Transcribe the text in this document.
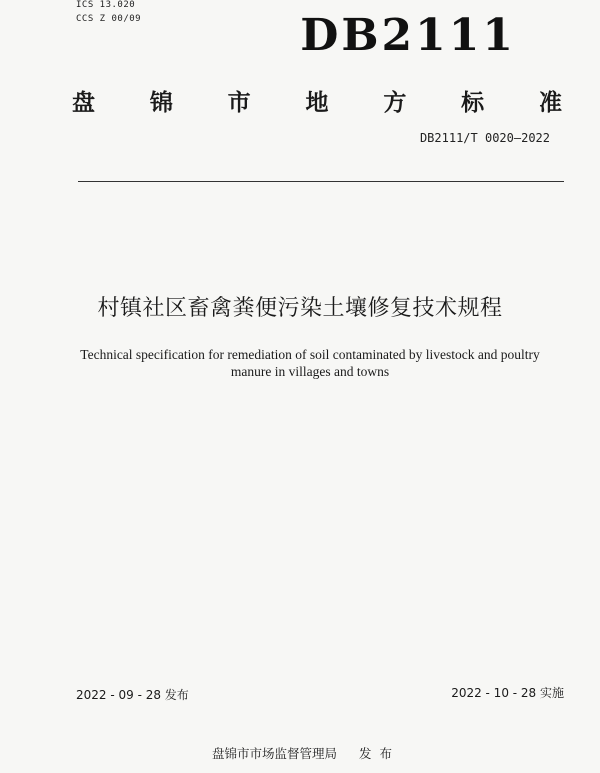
ICS 13.020
CCS Z 00/09	DB2111
盘 锦 市 地 方 标 准
DB2111/T 0020—2022
村镇社区畜禽粪便污染土壤修复技术规程
Technical specification for remediation of soil contaminated by livestock and poultry manure in villages and towns
2022 - 09 - 28 发布	2022 - 10 - 28 实施
盘锦市市场监督管理局 发布
